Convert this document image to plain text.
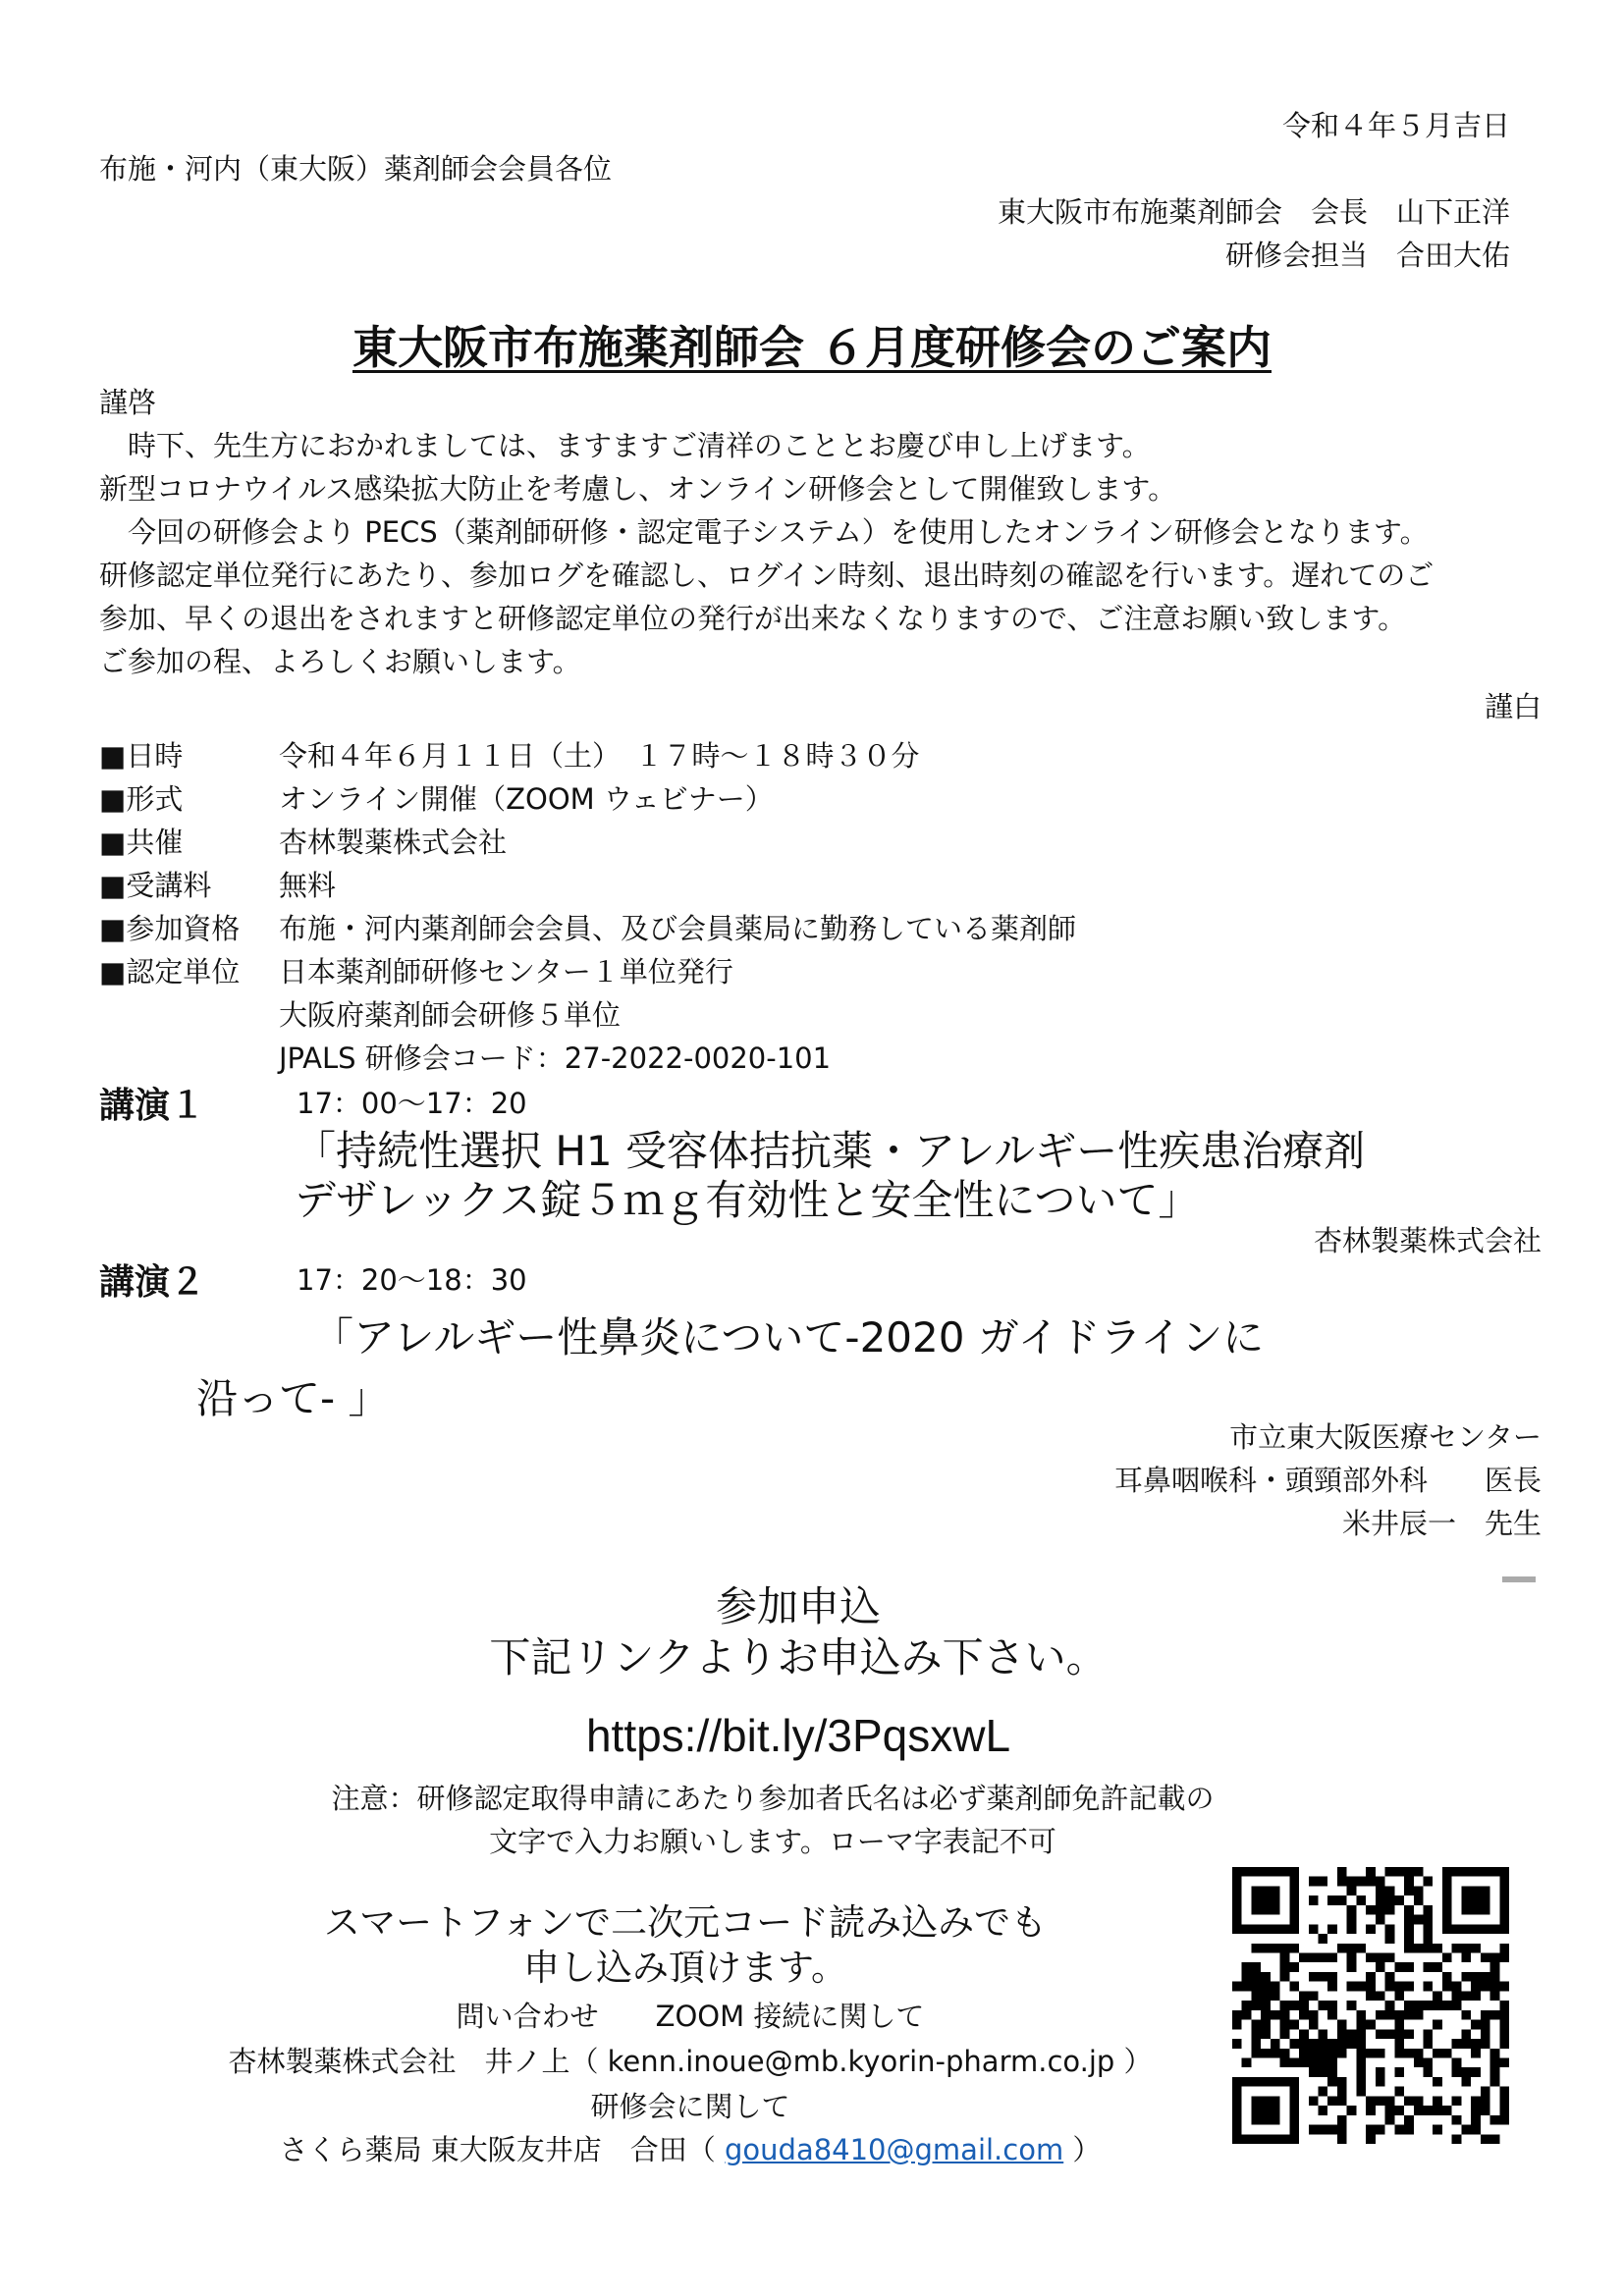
令和４年５月吉日
布施・河内（東大阪）薬剤師会会員各位
東大阪市布施薬剤師会　会長　山下正洋
研修会担当　合田大佑
東大阪市布施薬剤師会 ６月度研修会のご案内
謹啓
　時下、先生方におかれましては、ますますご清祥のこととお慶び申し上げます。
新型コロナウイルス感染拡大防止を考慮し、オンライン研修会として開催致します。
　今回の研修会より PECS（薬剤師研修・認定電子システム）を使用したオンライン研修会となります。
研修認定単位発行にあたり、参加ログを確認し、ログイン時刻、退出時刻の確認を行います。遅れてのご
参加、早くの退出をされますと研修認定単位の発行が出来なくなりますので、ご注意お願い致します。
ご参加の程、よろしくお願いします。
謹白
■日時	令和４年６月１１日（土）　１７時～１８時３０分
■形式	オンライン開催（ZOOM ウェビナー）
■共催	杏林製薬株式会社
■受講料 無料
■参加資格 布施・河内薬剤師会会員、及び会員薬局に勤務している薬剤師
■認定単位 日本薬剤師研修センター１単位発行
大阪府薬剤師会研修５単位
JPALS 研修会コード：27-2022-0020-101
講演１	17：00～17：20
「持続性選択 H1 受容体拮抗薬・アレルギー性疾患治療剤
デザレックス錠５ｍｇ有効性と安全性について」
杏林製薬株式会社
講演２	17：20～18：30
「アレルギー性鼻炎について-2020 ガイドラインに
沿って- 」
市立東大阪医療センター
耳鼻咽喉科・頭頸部外科　　医長
米井辰一　先生
参加申込
下記リンクよりお申込み下さい。
https://bit.ly/3PqsxwL
注意：研修認定取得申請にあたり参加者氏名は必ず薬剤師免許記載の
文字で入力お願いします。ローマ字表記不可
スマートフォンで二次元コード読み込みでも
申し込み頂けます。
問い合わせ　　ZOOM 接続に関して
杏林製薬株式会社　井ノ上（ kenn.inoue@mb.kyorin-pharm.co.jp ）
研修会に関して
さくら薬局 東大阪友井店　合田（ gouda8410@gmail.com ）
